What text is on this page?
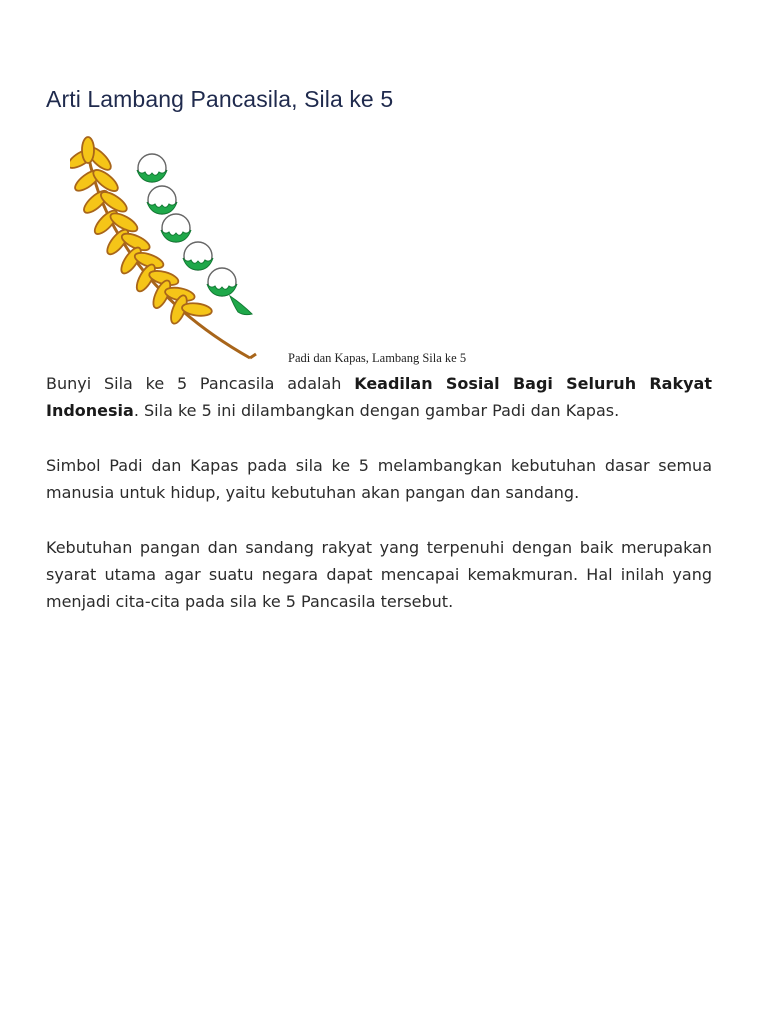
Arti Lambang Pancasila, Sila ke 5
Padi dan Kapas, Lambang Sila ke 5

Bunyi Sila ke 5 Pancasila adalah Keadilan Sosial Bagi Seluruh Rakyat Indonesia. Sila ke 5 ini dilambangkan dengan gambar Padi dan Kapas.

Simbol Padi dan Kapas pada sila ke 5 melambangkan kebutuhan dasar semua manusia untuk hidup, yaitu kebutuhan akan pangan dan sandang.

Kebutuhan pangan dan sandang rakyat yang terpenuhi dengan baik merupakan syarat utama agar suatu negara dapat mencapai kemakmuran. Hal inilah yang menjadi cita-cita pada sila ke 5 Pancasila tersebut.
